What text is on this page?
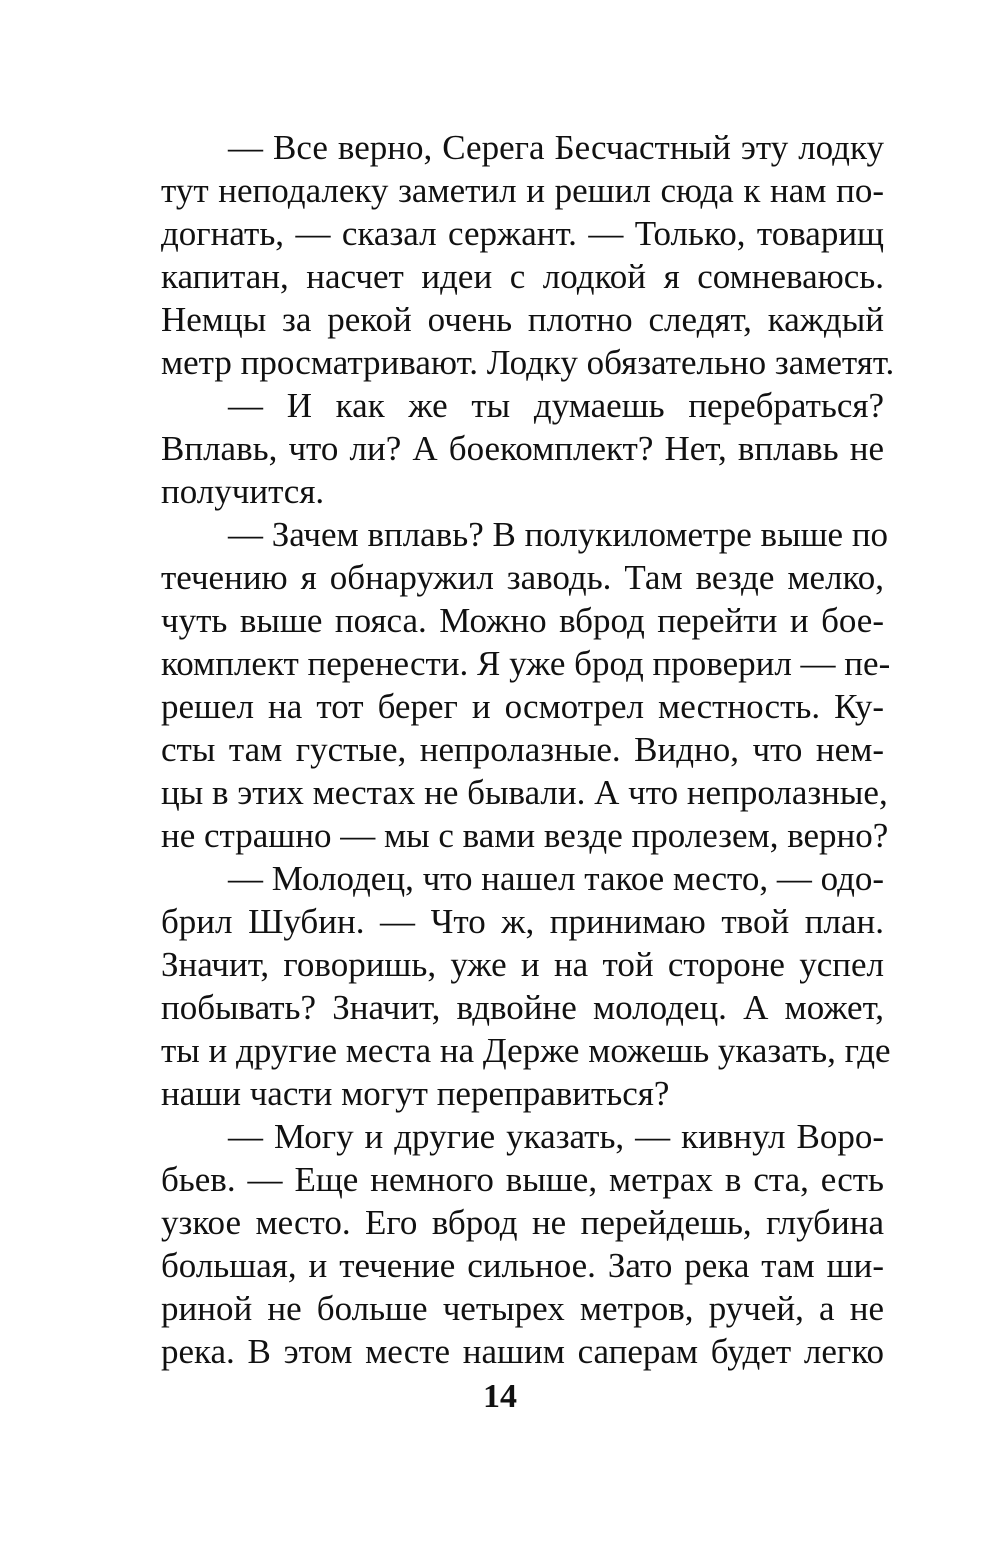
— Все верно, Серега Бесчастный эту лодку
тут неподалеку заметил и решил сюда к нам по-
догнать, — сказал сержант. — Только, товарищ
капитан, насчет идеи с лодкой я сомневаюсь.
Немцы за рекой очень плотно следят, каждый
метр просматривают. Лодку обязательно заметят.
— И как же ты думаешь перебраться?
Вплавь, что ли? А боекомплект? Нет, вплавь не
получится.
— Зачем вплавь? В полукилометре выше по
течению я обнаружил заводь. Там везде мелко,
чуть выше пояса. Можно вброд перейти и бое-
комплект перенести. Я уже брод проверил — пе-
решел на тот берег и осмотрел местность. Ку-
сты там густые, непролазные. Видно, что нем-
цы в этих местах не бывали. А что непролазные,
не страшно — мы с вами везде пролезем, верно?
— Молодец, что нашел такое место, — одо-
брил Шубин. — Что ж, принимаю твой план.
Значит, говоришь, уже и на той стороне успел
побывать? Значит, вдвойне молодец. А может,
ты и другие места на Держе можешь указать, где
наши части могут переправиться?
— Могу и другие указать, — кивнул Воро-
бьев. — Еще немного выше, метрах в ста, есть
узкое место. Его вброд не перейдешь, глубина
большая, и течение сильное. Зато река там ши-
риной не больше четырех метров, ручей, а не
река. В этом месте нашим саперам будет легко
14
